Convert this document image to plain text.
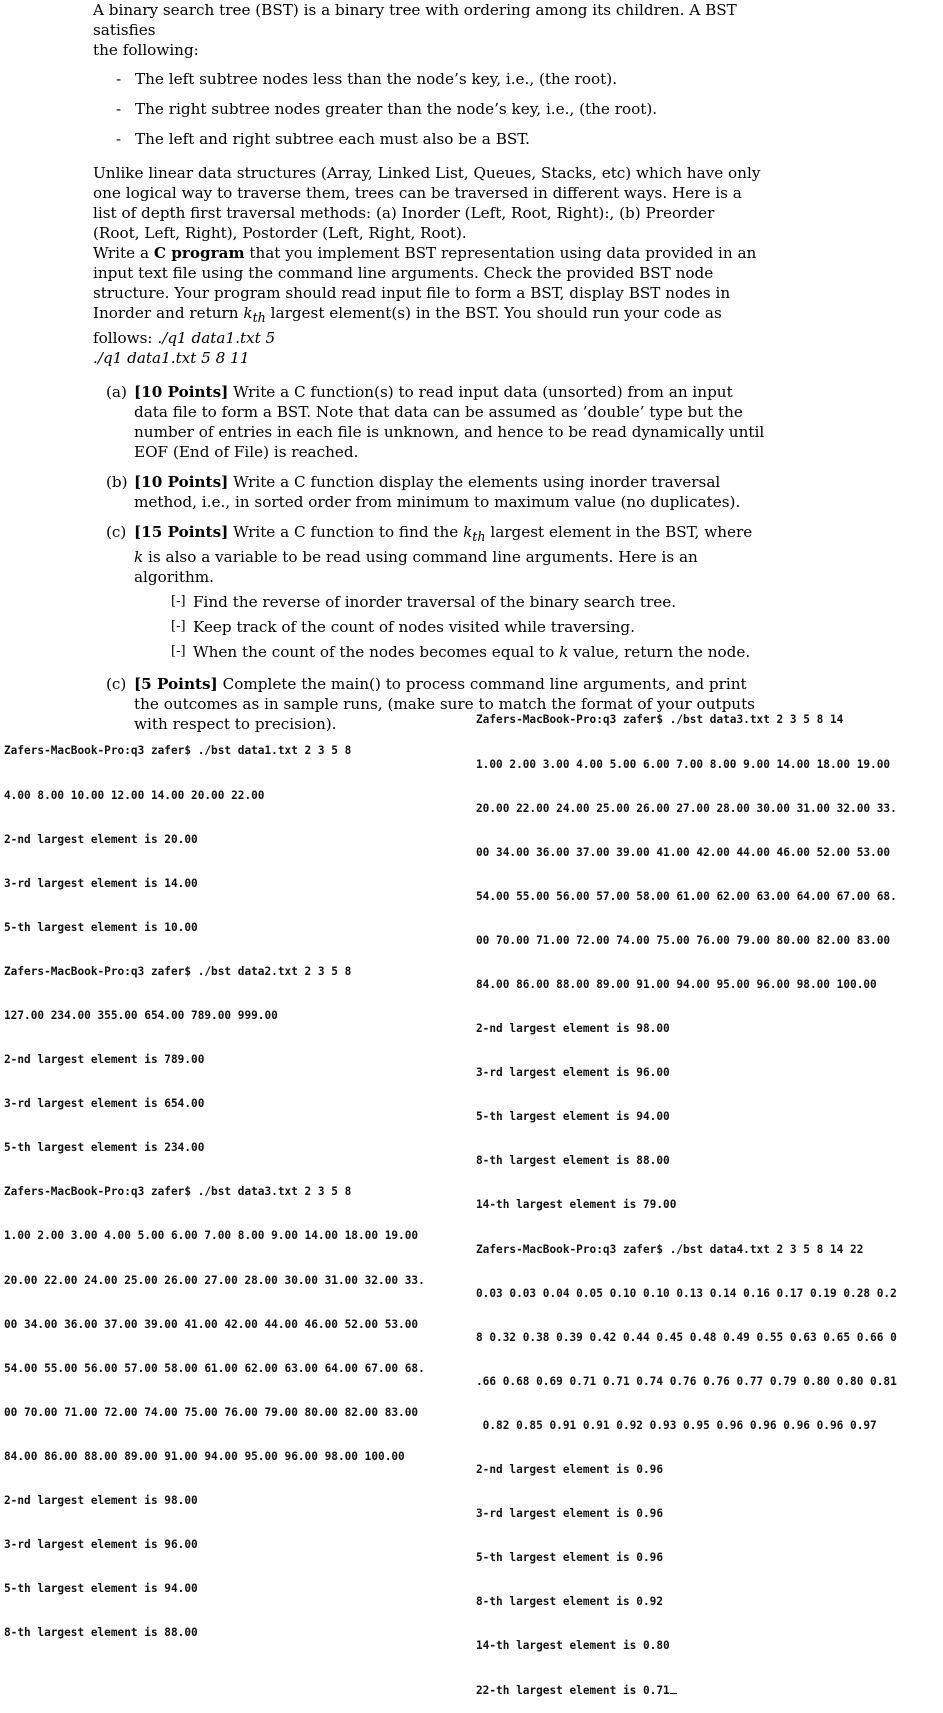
A binary search tree (BST) is a binary tree with ordering among its children. A BST satisfies

the following:

- The left subtree nodes less than the node’s key, i.e., (the root).
- The right subtree nodes greater than the node’s key, i.e., (the root).
- The left and right subtree each must also be a BST.

Unlike linear data structures (Array, Linked List, Queues, Stacks, etc) which have only one logical way to traverse them, trees can be traversed in different ways. Here is a list of depth first traversal methods: (a) Inorder (Left, Root, Right):, (b) Preorder (Root, Left, Right), Postorder (Left, Right, Root).

Write a C program that you implement BST representation using data provided in an input text file using the command line arguments. Check the provided BST node structure. Your program should read input file to form a BST, display BST nodes in Inorder and return $k_{th}$ largest element(s) in the BST. You should run your code as follows: ./q1 data1.txt 5
./q1 data1.txt 5 8 11

(a) [10 Points] Write a C function(s) to read input data (unsorted) from an input data file to form a BST. Note that data can be assumed as ’double’ type but the number of entries in each file is unknown, and hence to be read dynamically until EOF (End of File) is reached.
(b) [10 Points] Write a C function display the elements using inorder traversal method, i.e., in sorted order from minimum to maximum value (no duplicates).
(c) [15 Points] Write a C function to find the $k_{th}$ largest element in the BST, where k is also a variable to be read using command line arguments. Here is an algorithm.
[-] Find the reverse of inorder traversal of the binary search tree.
[-] Keep track of the count of nodes visited while traversing.
[-] When the count of the nodes becomes equal to k value, return the node.
(c) [5 Points] Complete the main() to process command line arguments, and print the outcomes as in sample runs, (make sure to match the format of your outputs with respect to precision).

Zafers-MacBook-Pro:q3 zafer$ ./bst data1.txt 2 3 5 8

4.00 8.00 10.00 12.00 14.00 20.00 22.00

2-nd largest element is 20.00

3-rd largest element is 14.00

5-th largest element is 10.00

Zafers-MacBook-Pro:q3 zafer$ ./bst data2.txt 2 3 5 8

127.00 234.00 355.00 654.00 789.00 999.00

2-nd largest element is 789.00

3-rd largest element is 654.00

5-th largest element is 234.00

Zafers-MacBook-Pro:q3 zafer$ ./bst data3.txt 2 3 5 8

1.00 2.00 3.00 4.00 5.00 6.00 7.00 8.00 9.00 14.00 18.00 19.00

20.00 22.00 24.00 25.00 26.00 27.00 28.00 30.00 31.00 32.00 33.

00 34.00 36.00 37.00 39.00 41.00 42.00 44.00 46.00 52.00 53.00

54.00 55.00 56.00 57.00 58.00 61.00 62.00 63.00 64.00 67.00 68.

00 70.00 71.00 72.00 74.00 75.00 76.00 79.00 80.00 82.00 83.00

84.00 86.00 88.00 89.00 91.00 94.00 95.00 96.00 98.00 100.00

2-nd largest element is 98.00

3-rd largest element is 96.00

5-th largest element is 94.00

8-th largest element is 88.00

Zafers-MacBook-Pro:q3 zafer$ ./bst data3.txt 2 3 5 8 14

1.00 2.00 3.00 4.00 5.00 6.00 7.00 8.00 9.00 14.00 18.00 19.00

20.00 22.00 24.00 25.00 26.00 27.00 28.00 30.00 31.00 32.00 33.

00 34.00 36.00 37.00 39.00 41.00 42.00 44.00 46.00 52.00 53.00

54.00 55.00 56.00 57.00 58.00 61.00 62.00 63.00 64.00 67.00 68.

00 70.00 71.00 72.00 74.00 75.00 76.00 79.00 80.00 82.00 83.00

84.00 86.00 88.00 89.00 91.00 94.00 95.00 96.00 98.00 100.00

2-nd largest element is 98.00

3-rd largest element is 96.00

5-th largest element is 94.00

8-th largest element is 88.00

14-th largest element is 79.00

Zafers-MacBook-Pro:q3 zafer$ ./bst data4.txt 2 3 5 8 14 22

0.03 0.03 0.04 0.05 0.10 0.10 0.13 0.14 0.16 0.17 0.19 0.28 0.2

8 0.32 0.38 0.39 0.42 0.44 0.45 0.48 0.49 0.55 0.63 0.65 0.66 0

.66 0.68 0.69 0.71 0.71 0.74 0.76 0.76 0.77 0.79 0.80 0.80 0.81

0.82 0.85 0.91 0.91 0.92 0.93 0.95 0.96 0.96 0.96 0.96 0.97

2-nd largest element is 0.96

3-rd largest element is 0.96

5-th largest element is 0.96

8-th largest element is 0.92

14-th largest element is 0.80

22-th largest element is 0.71
